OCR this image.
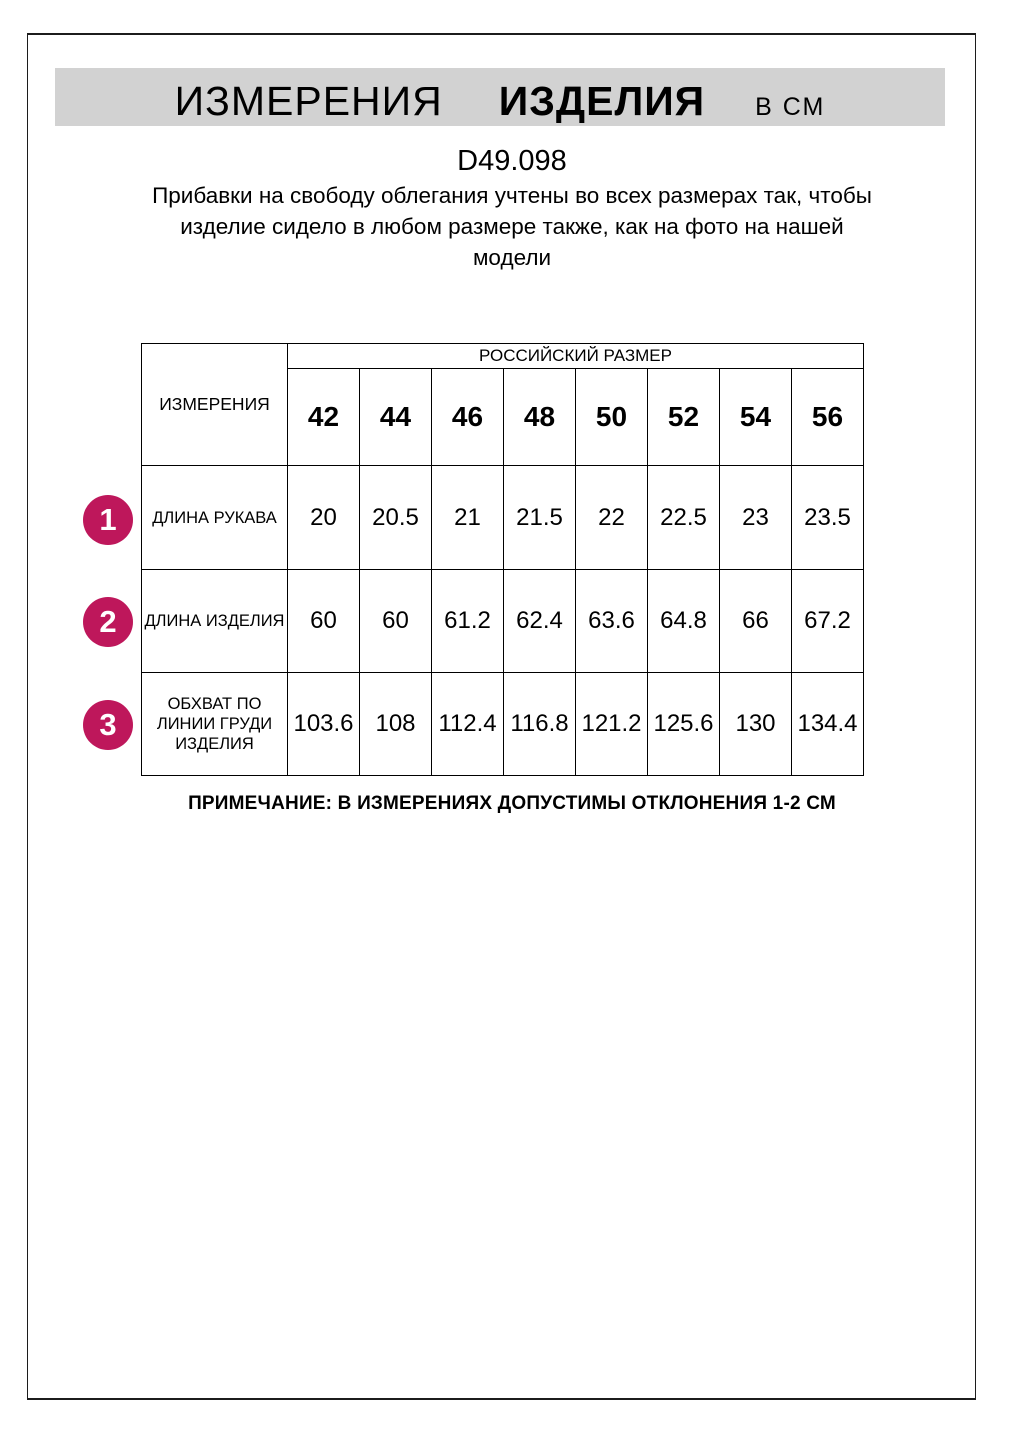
ИЗМЕРЕНИЯ ИЗДЕЛИЯ В СМ
D49.098
Прибавки на свободу облегания учтены во всех размерах так, чтобы
изделие сидело в любом размере также, как на фото на нашей
модели
ИЗМЕРЕНИЯ	РОССИЙСКИЙ РАЗМЕР							
	42	44	46	48	50	52	54	56
ДЛИНА РУКАВА	20	20.5	21	21.5	22	22.5	23	23.5
ДЛИНА ИЗДЕЛИЯ	60	60	61.2	62.4	63.6	64.8	66	67.2
ОБХВАТ ПО ЛИНИИ ГРУДИ ИЗДЕЛИЯ	103.6	108	112.4	116.8	121.2	125.6	130	134.4
1
2
3
ПРИМЕЧАНИЕ: В ИЗМЕРЕНИЯХ ДОПУСТИМЫ ОТКЛОНЕНИЯ 1-2 СМ
